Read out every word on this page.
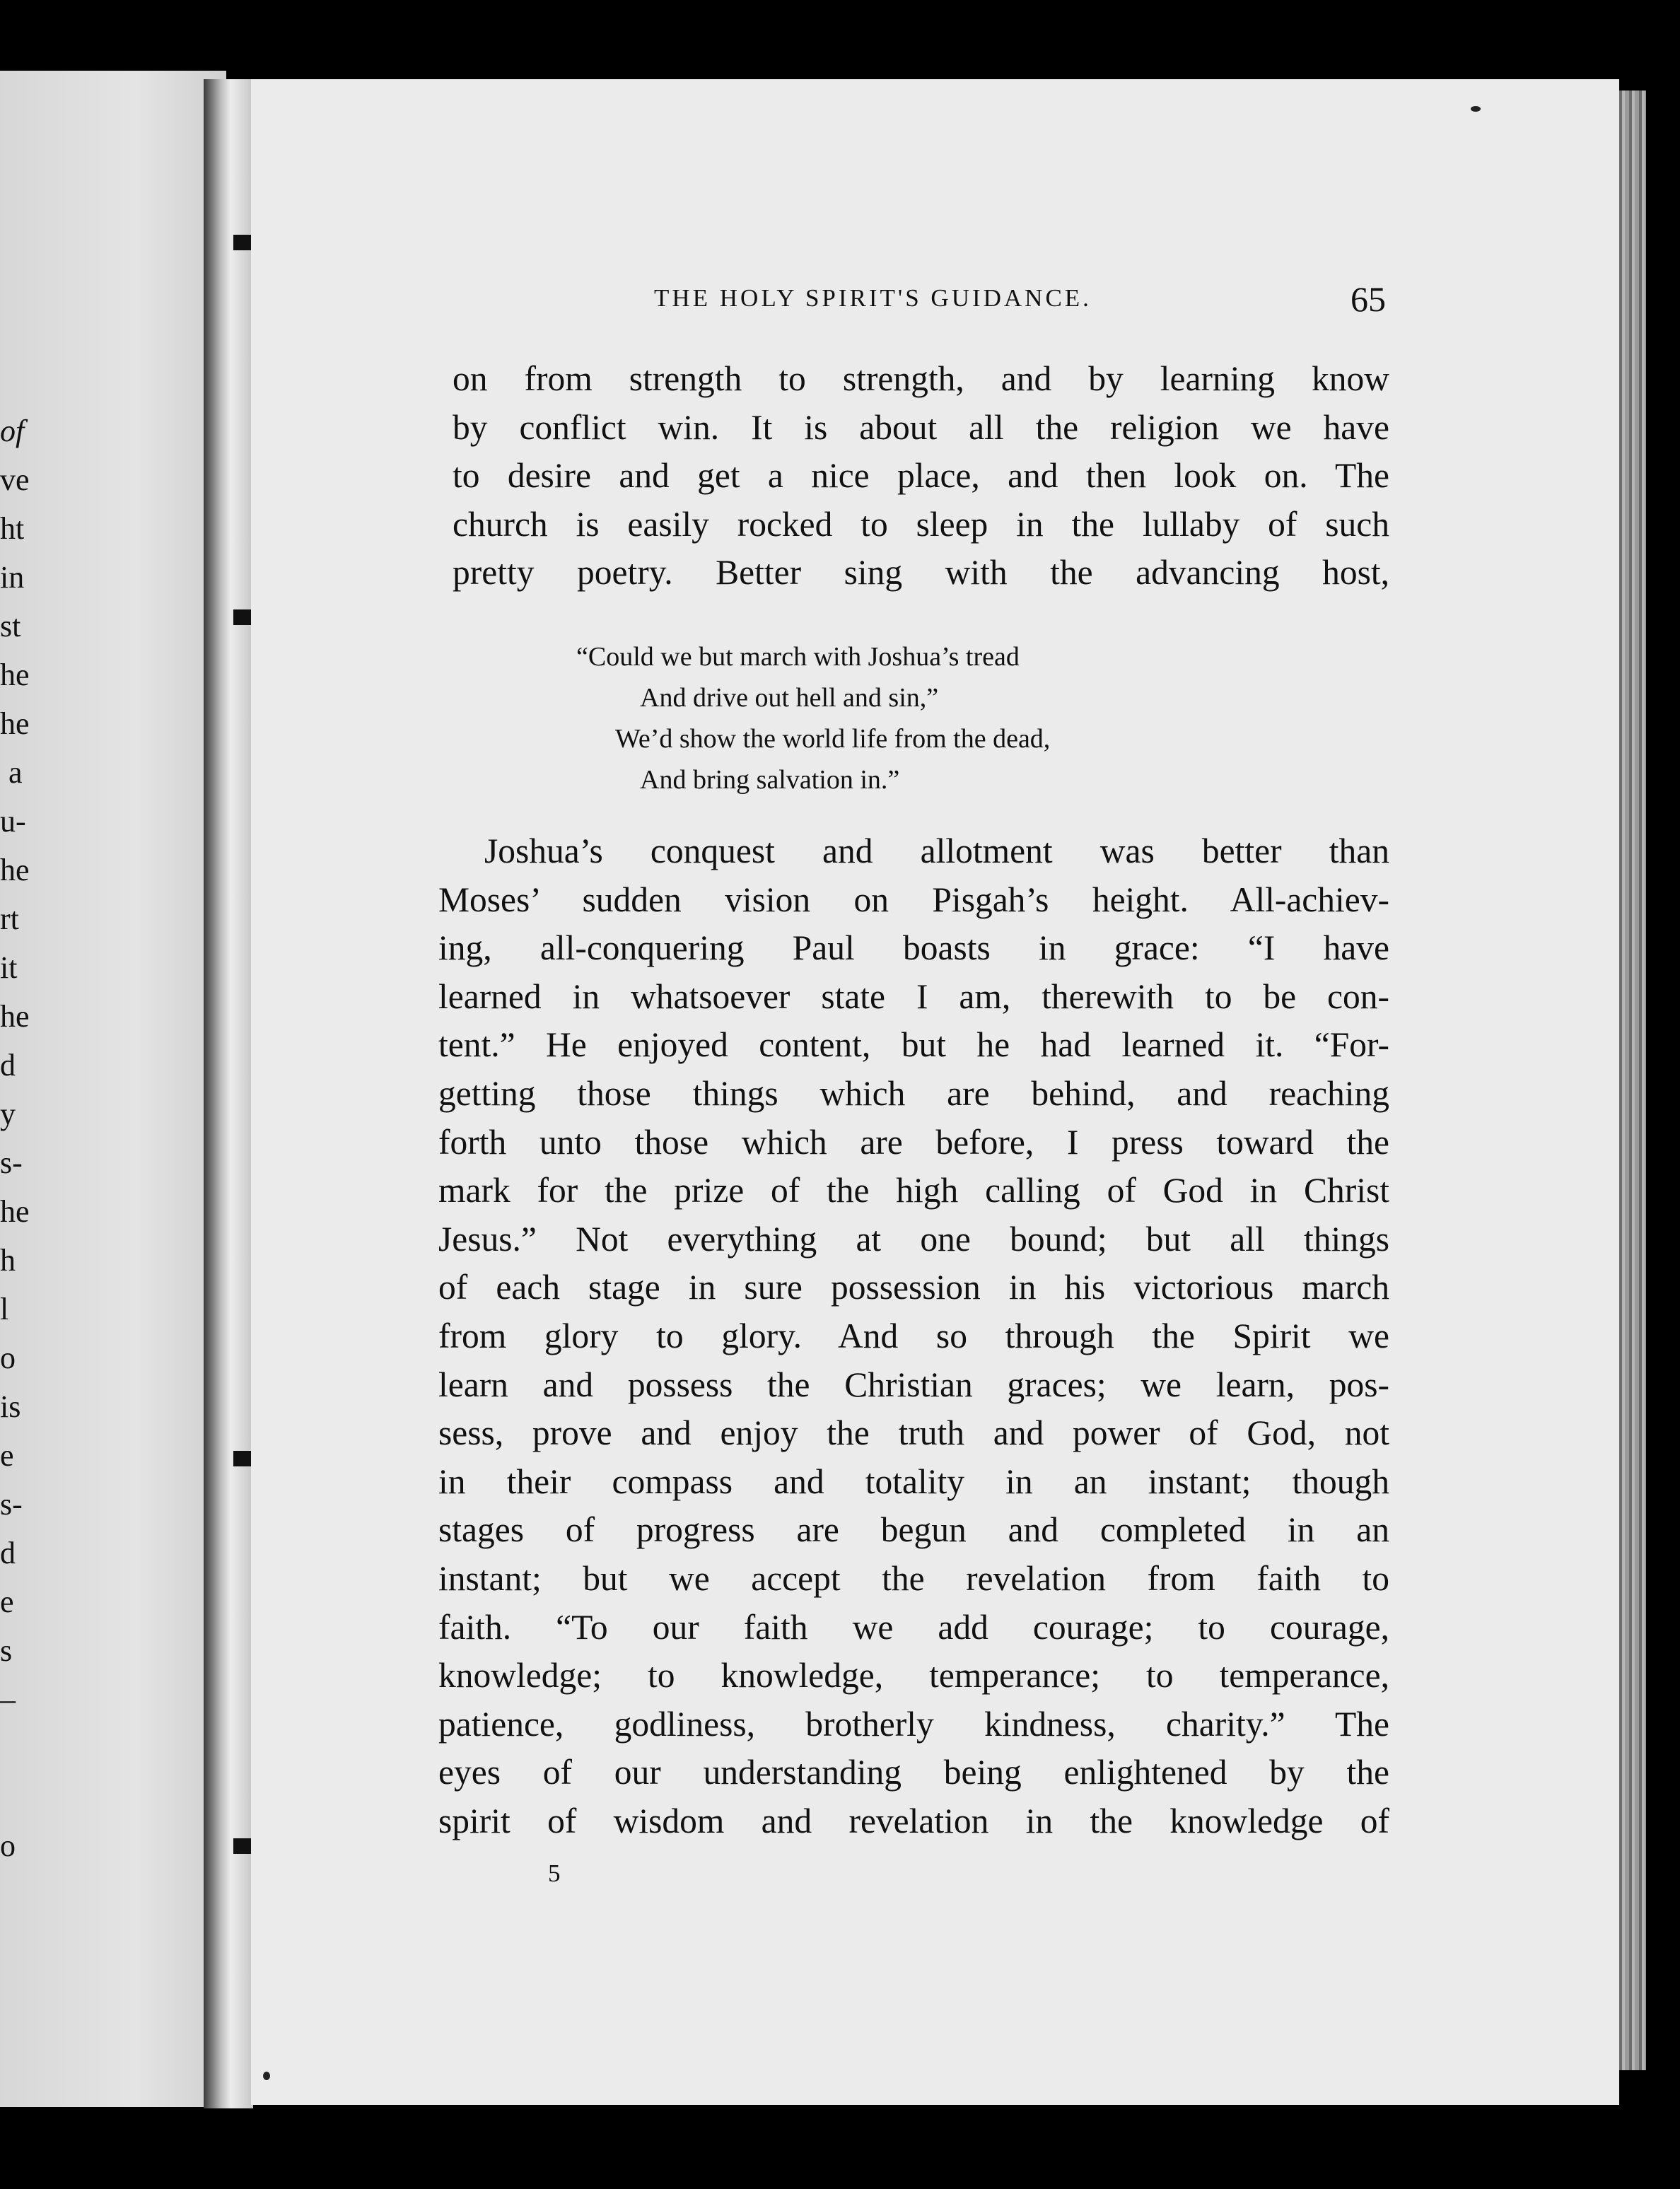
of
ve
ht
in
st
he
he
a
u-
he
rt
it
he
d
y
s-
he
h
l
o
is
e
s-
d
e
s
–
o
THE HOLY SPIRIT'S GUIDANCE.	65
on from strength to strength, and by learning know
by conflict win. It is about all the religion we have
to desire and get a nice place, and then look on. The
church is easily rocked to sleep in the lullaby of such
pretty poetry. Better sing with the advancing host,
“Could we but march with Joshua’s tread
And drive out hell and sin,”
We’d show the world life from the dead,
And bring salvation in.”
Joshua’s conquest and allotment was better than
Moses’ sudden vision on Pisgah’s height. All-achiev-
ing, all-conquering Paul boasts in grace: “I have
learned in whatsoever state I am, therewith to be con-
tent.” He enjoyed content, but he had learned it. “For-
getting those things which are behind, and reaching
forth unto those which are before, I press toward the
mark for the prize of the high calling of God in Christ
Jesus.” Not everything at one bound; but all things
of each stage in sure possession in his victorious march
from glory to glory. And so through the Spirit we
learn and possess the Christian graces; we learn, pos-
sess, prove and enjoy the truth and power of God, not
in their compass and totality in an instant; though
stages of progress are begun and completed in an
instant; but we accept the revelation from faith to
faith. “To our faith we add courage; to courage,
knowledge; to knowledge, temperance; to temperance,
patience, godliness, brotherly kindness, charity.” The
eyes of our understanding being enlightened by the
spirit of wisdom and revelation in the knowledge of
5
